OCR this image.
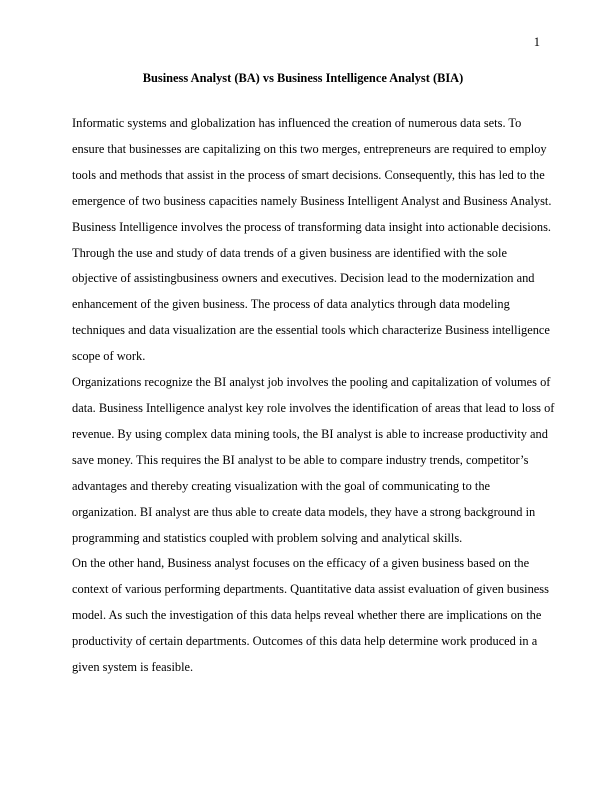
1
Business Analyst (BA) vs Business Intelligence Analyst (BIA)

Informatic systems and globalization has influenced the creation of numerous data sets. To
ensure that businesses are capitalizing on this two merges, entrepreneurs are required to employ
tools and methods that assist in the process of smart decisions. Consequently, this has led to the
emergence of two business capacities namely Business Intelligent Analyst and Business Analyst.
Business Intelligence involves the process of transforming data insight into actionable decisions.
Through the use and study of data trends of a given business are identified with the sole
objective of assistingbusiness owners and executives. Decision lead to the modernization and
enhancement of the given business. The process of data analytics through data modeling
techniques and data visualization are the essential tools which characterize Business intelligence
scope of work.

Organizations recognize the BI analyst job involves the pooling and capitalization of volumes of
data. Business Intelligence analyst key role involves the identification of areas that lead to loss of
revenue. By using complex data mining tools, the BI analyst is able to increase productivity and
save money. This requires the BI analyst to be able to compare industry trends, competitor’s
advantages and thereby creating visualization with the goal of communicating to the
organization. BI analyst are thus able to create data models, they have a strong background in
programming and statistics coupled with problem solving and analytical skills.

On the other hand, Business analyst focuses on the efficacy of a given business based on the
context of various performing departments. Quantitative data assist evaluation of given business
model. As such the investigation of this data helps reveal whether there are implications on the
productivity of certain departments. Outcomes of this data help determine work produced in a
given system is feasible.
